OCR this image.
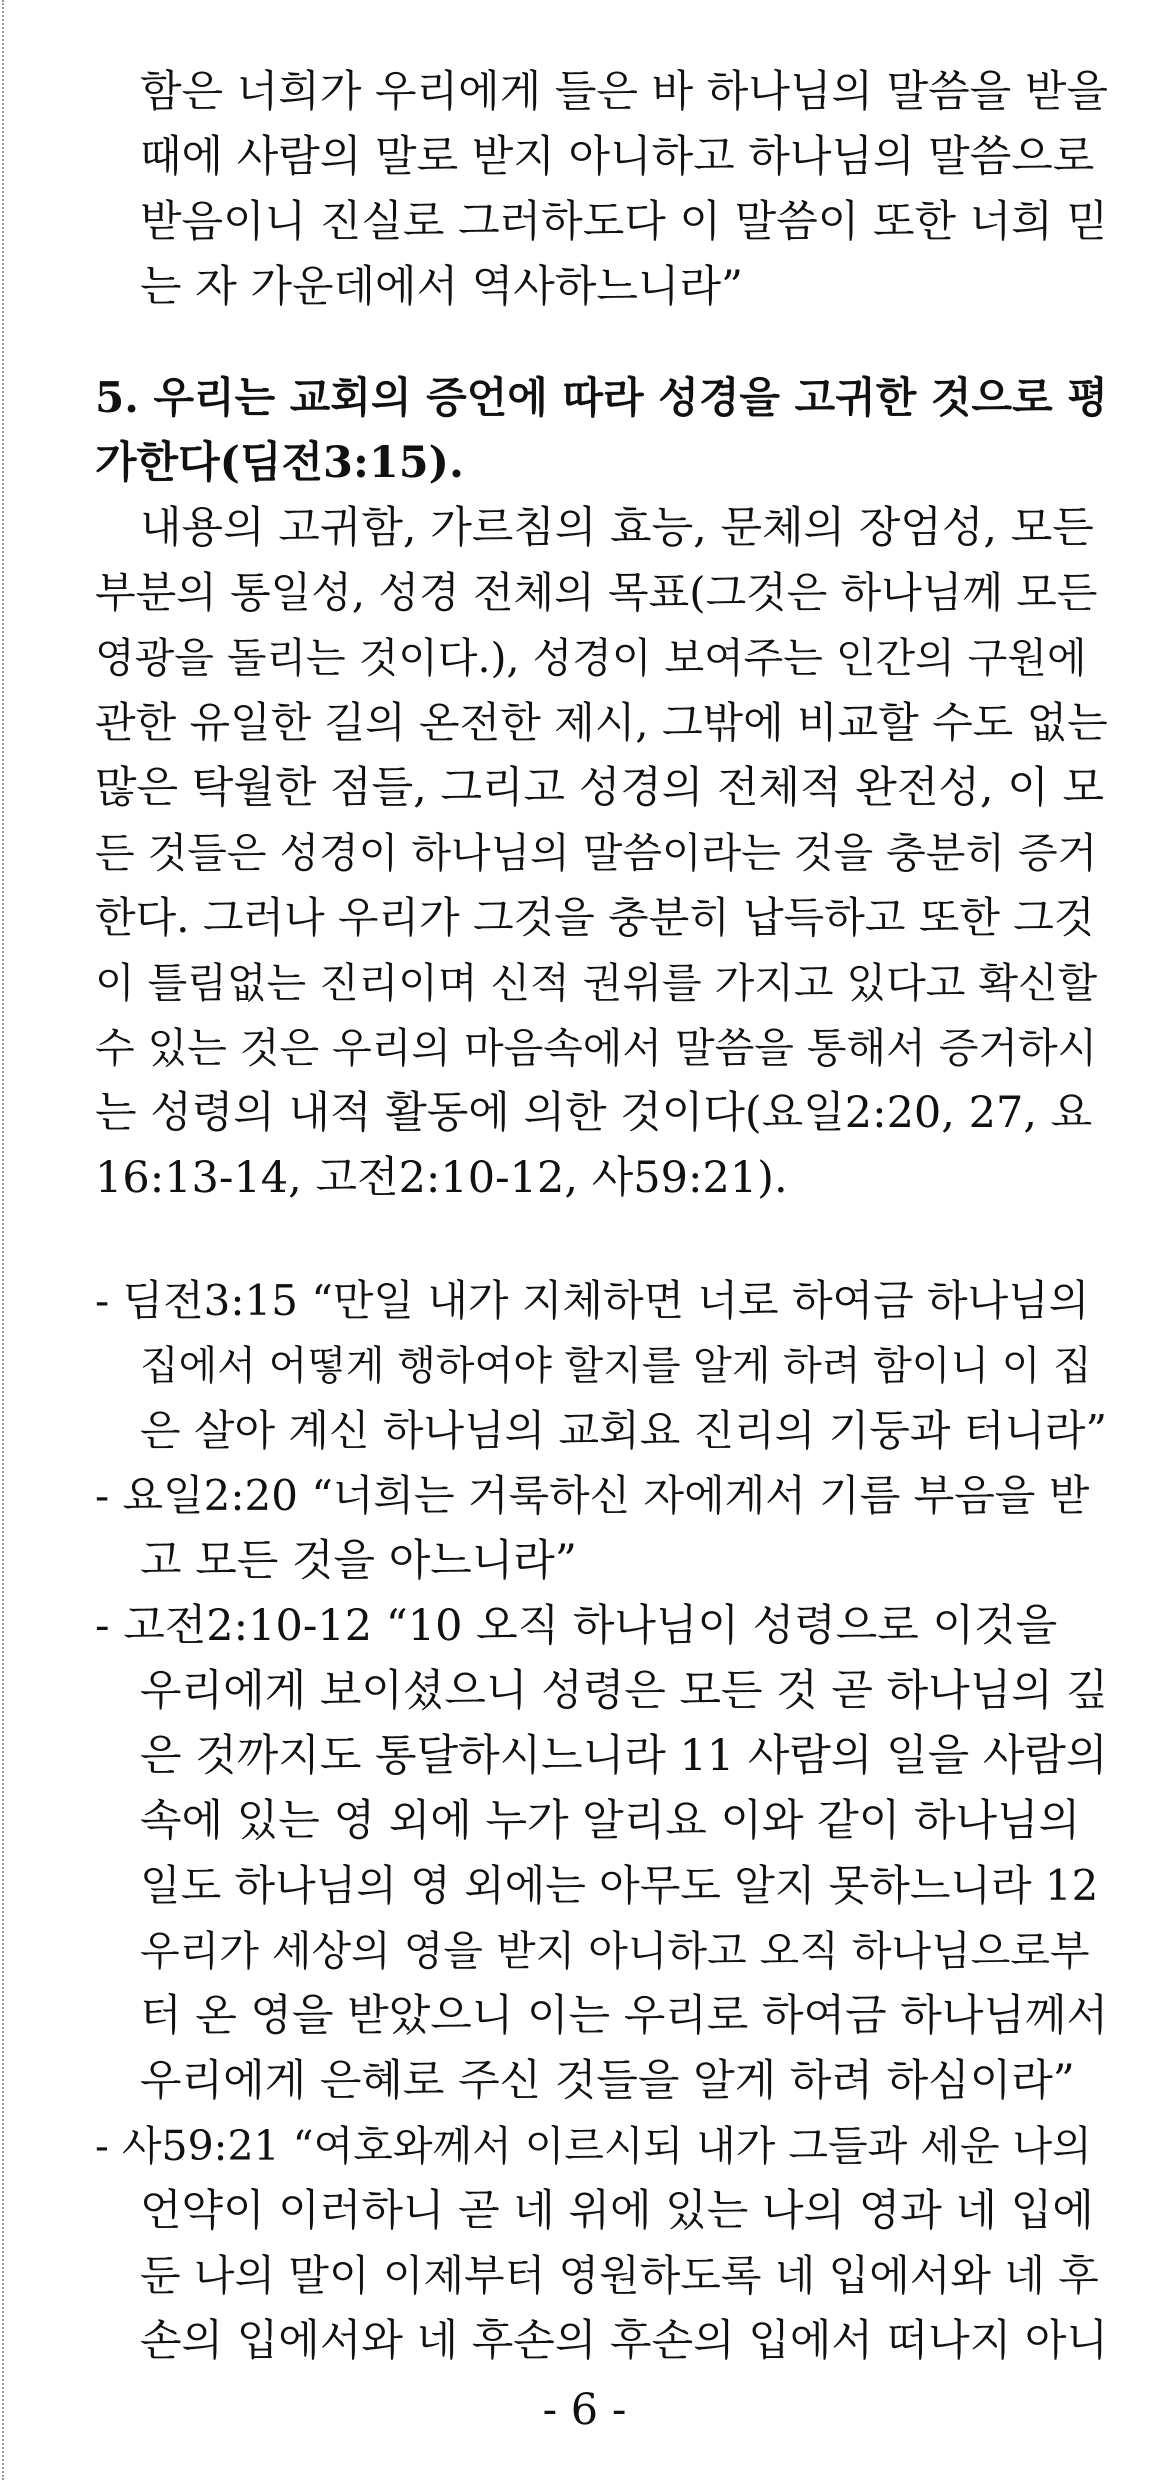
함은 너희가 우리에게 들은 바 하나님의 말씀을 받을
때에 사람의 말로 받지 아니하고 하나님의 말씀으로
받음이니 진실로 그러하도다 이 말씀이 또한 너희 믿
는 자 가운데에서 역사하느니라”
5. 우리는 교회의 증언에 따라 성경을 고귀한 것으로 평
가한다(딤전3:15).
내용의 고귀함, 가르침의 효능, 문체의 장엄성, 모든
부분의 통일성, 성경 전체의 목표(그것은 하나님께 모든
영광을 돌리는 것이다.), 성경이 보여주는 인간의 구원에
관한 유일한 길의 온전한 제시, 그밖에 비교할 수도 없는
많은 탁월한 점들, 그리고 성경의 전체적 완전성, 이 모
든 것들은 성경이 하나님의 말씀이라는 것을 충분히 증거
한다. 그러나 우리가 그것을 충분히 납득하고 또한 그것
이 틀림없는 진리이며 신적 권위를 가지고 있다고 확신할
수 있는 것은 우리의 마음속에서 말씀을 통해서 증거하시
는 성령의 내적 활동에 의한 것이다(요일2:20, 27, 요
16:13-14, 고전2:10-12, 사59:21).
- 딤전3:15 “만일 내가 지체하면 너로 하여금 하나님의
집에서 어떻게 행하여야 할지를 알게 하려 함이니 이 집
은 살아 계신 하나님의 교회요 진리의 기둥과 터니라”
- 요일2:20 “너희는 거룩하신 자에게서 기름 부음을 받
고 모든 것을 아느니라”
- 고전2:10-12 “10 오직 하나님이 성령으로 이것을
우리에게 보이셨으니 성령은 모든 것 곧 하나님의 깊
은 것까지도 통달하시느니라 11 사람의 일을 사람의
속에 있는 영 외에 누가 알리요 이와 같이 하나님의
일도 하나님의 영 외에는 아무도 알지 못하느니라 12
우리가 세상의 영을 받지 아니하고 오직 하나님으로부
터 온 영을 받았으니 이는 우리로 하여금 하나님께서
우리에게 은혜로 주신 것들을 알게 하려 하심이라”
- 사59:21 “여호와께서 이르시되 내가 그들과 세운 나의
언약이 이러하니 곧 네 위에 있는 나의 영과 네 입에
둔 나의 말이 이제부터 영원하도록 네 입에서와 네 후
손의 입에서와 네 후손의 후손의 입에서 떠나지 아니
- 6 -
